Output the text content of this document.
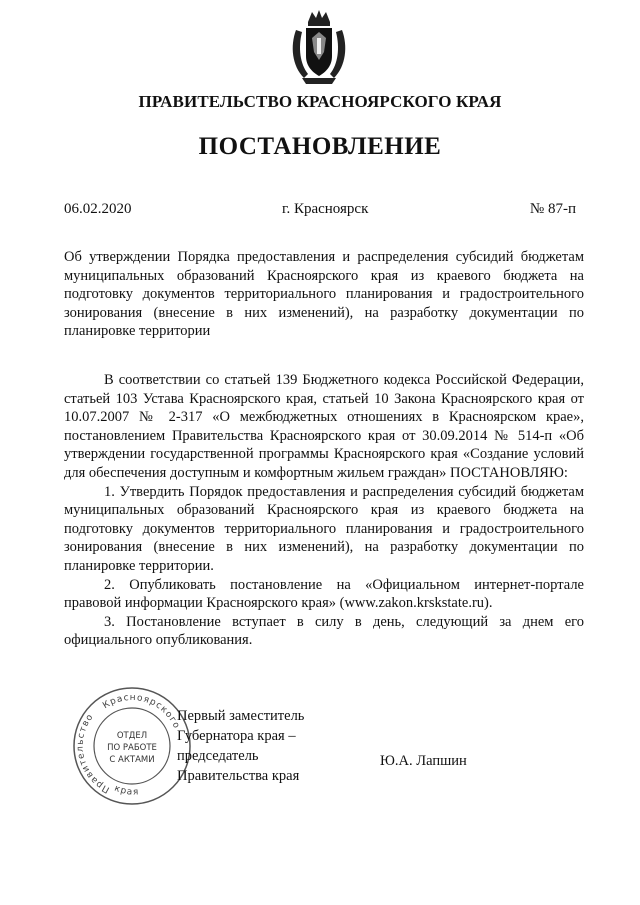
ПРАВИТЕЛЬСТВО КРАСНОЯРСКОГО КРАЯ
ПОСТАНОВЛЕНИЕ
06.02.2020	г. Красноярск	№ 87-п
Об утверждении Порядка предоставления и распределения субсидий бюджетам муниципальных образований Красноярского края из краевого бюджета на подготовку документов территориального планирования и градостроительного зонирования (внесение в них изменений), на разработку документации по планировке территории

В соответствии со статьей 139 Бюджетного кодекса Российской Федерации, статьей 103 Устава Красноярского края, статьей 10 Закона Красноярского края от 10.07.2007 № 2-317 «О межбюджетных отношениях в Красноярском крае», постановлением Правительства Красноярского края от 30.09.2014 № 514-п «Об утверждении государственной программы Красноярского края «Создание условий для обеспечения доступным и комфортным жильем граждан» ПОСТАНОВЛЯЮ:

1. Утвердить Порядок предоставления и распределения субсидий бюджетам муниципальных образований Красноярского края из краевого бюджета на подготовку документов территориального планирования и градостроительного зонирования (внесение в них изменений), на разработку документации по планировке территории.

2. Опубликовать постановление на «Официальном интернет-портале правовой информации Красноярского края» (www.zakon.krskstate.ru).

3. Постановление вступает в силу в день, следующий за днем его официального опубликования.

Красноярского
Правительство
края
ОТДЕЛ
ПО РАБОТЕ
С АКТАМИ
Первый заместитель
Губернатора края –
председатель
Правительства края
Ю.А. Лапшин
